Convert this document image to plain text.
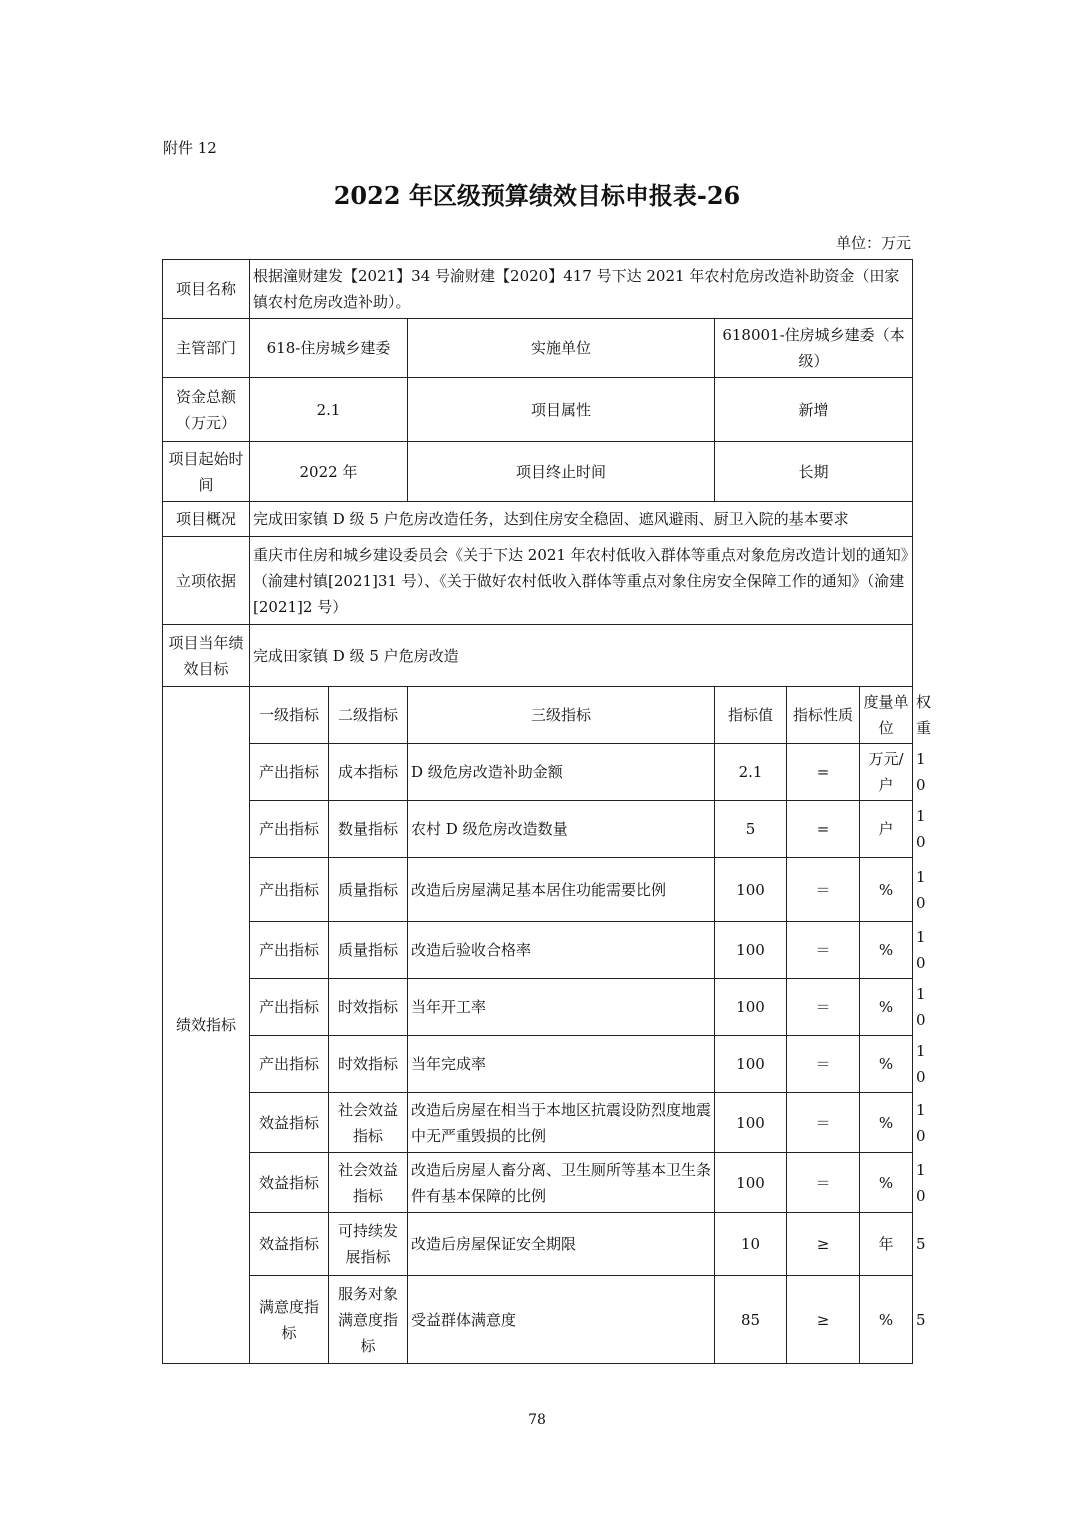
附件 12
2022 年区级预算绩效目标申报表-26
单位：万元
项目名称	根据潼财建发【2021】34 号渝财建【2020】417 号下达 2021 年农村危房改造补助资金（田家镇农村危房改造补助）。						
主管部门	618-住房城乡建委		实施单位	618001-住房城乡建委（本级）			
资金总额（万元）	2.1		项目属性	新增			
项目起始时间	2022 年		项目终止时间	长期			
项目概况	完成田家镇 D 级 5 户危房改造任务，达到住房安全稳固、遮风避雨、厨卫入院的基本要求						
立项依据	重庆市住房和城乡建设委员会《关于下达 2021 年农村低收入群体等重点对象危房改造计划的通知》（渝建村镇[2021]31 号）、《关于做好农村低收入群体等重点对象住房安全保障工作的通知》（渝建[2021]2 号）						
项目当年绩效目标	完成田家镇 D 级 5 户危房改造						
绩效指标	一级指标	二级指标	三级指标	指标值	指标性质	度量单位	权重
	产出指标	成本指标	D 级危房改造补助金额	2.1	=	万元/户	10
	产出指标	数量指标	农村 D 级危房改造数量	5	=	户	10
	产出指标	质量指标	改造后房屋满足基本居住功能需要比例	100	＝	%	10
	产出指标	质量指标	改造后验收合格率	100	＝	%	10
	产出指标	时效指标	当年开工率	100	＝	%	10
	产出指标	时效指标	当年完成率	100	＝	%	10
	效益指标	社会效益指标	改造后房屋在相当于本地区抗震设防烈度地震中无严重毁损的比例	100	＝	%	10
	效益指标	社会效益指标	改造后房屋人畜分离、卫生厕所等基本卫生条件有基本保障的比例	100	＝	%	10
	效益指标	可持续发展指标	改造后房屋保证安全期限	10	≥	年	5
	满意度指标	服务对象满意度指标	受益群体满意度	85	≥	%	5
78
